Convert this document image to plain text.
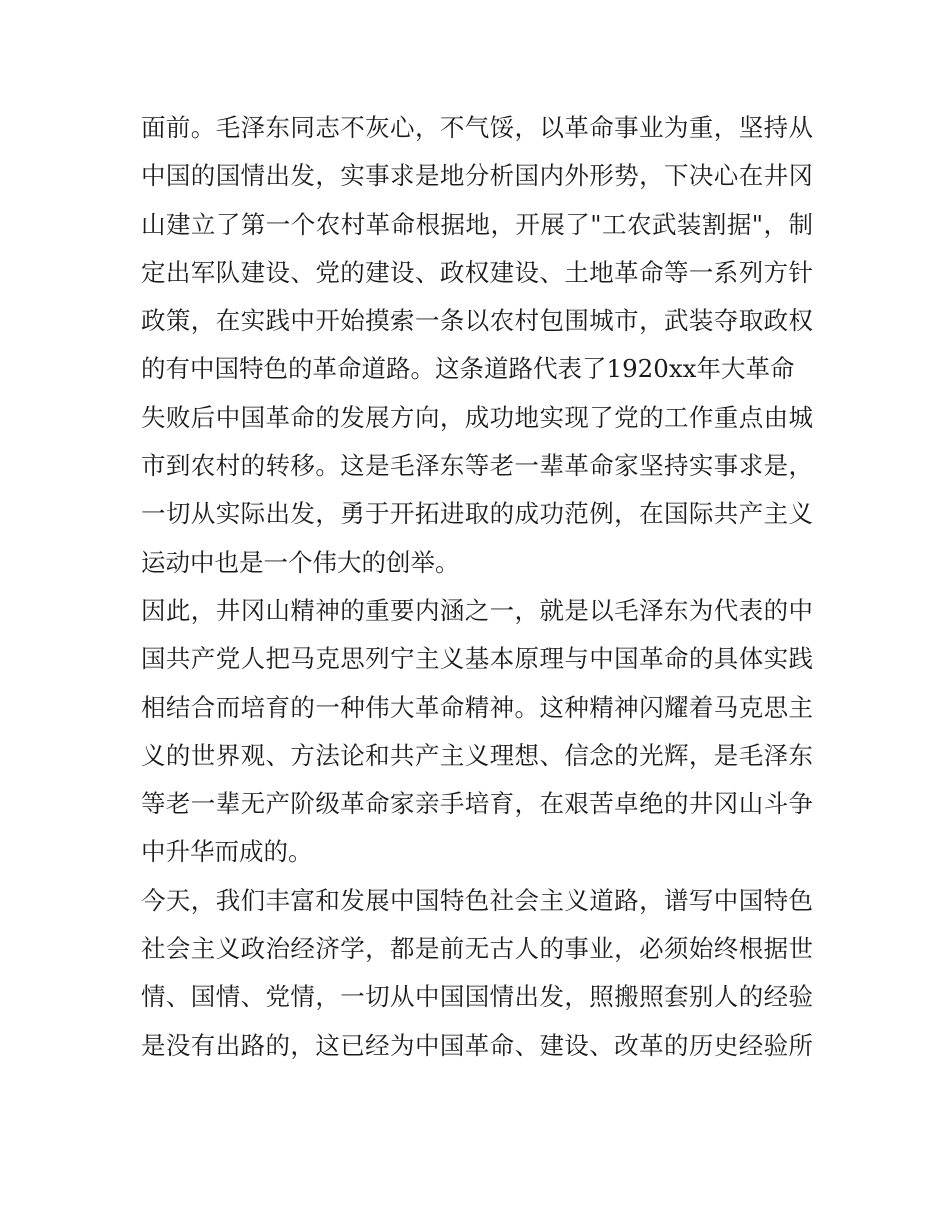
面前。毛泽东同志不灰心，不气馁，以革命事业为重，坚持从
中国的国情出发，实事求是地分析国内外形势，下决心在井冈
山建立了第一个农村革命根据地，开展了"工农武装割据"，制
定出军队建设、党的建设、政权建设、土地革命等一系列方针
政策，在实践中开始摸索一条以农村包围城市，武装夺取政权
的有中国特色的革命道路。这条道路代表了1920xx年大革命
失败后中国革命的发展方向，成功地实现了党的工作重点由城
市到农村的转移。这是毛泽东等老一辈革命家坚持实事求是，
一切从实际出发，勇于开拓进取的成功范例，在国际共产主义
运动中也是一个伟大的创举。
因此，井冈山精神的重要内涵之一，就是以毛泽东为代表的中
国共产党人把马克思列宁主义基本原理与中国革命的具体实践
相结合而培育的一种伟大革命精神。这种精神闪耀着马克思主
义的世界观、方法论和共产主义理想、信念的光辉，是毛泽东
等老一辈无产阶级革命家亲手培育，在艰苦卓绝的井冈山斗争
中升华而成的。
今天，我们丰富和发展中国特色社会主义道路，谱写中国特色
社会主义政治经济学，都是前无古人的事业，必须始终根据世
情、国情、党情，一切从中国国情出发，照搬照套别人的经验
是没有出路的，这已经为中国革命、建设、改革的历史经验所
